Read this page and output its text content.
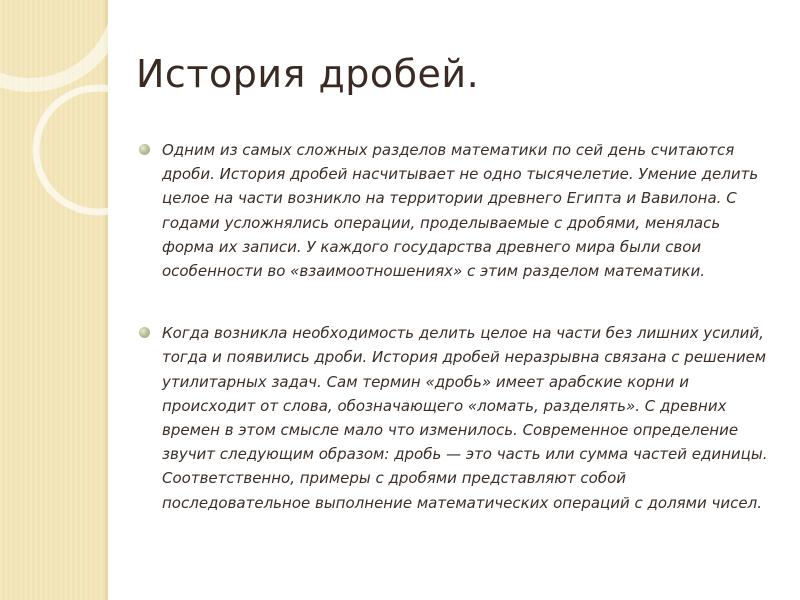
История дробей.
Одним из самых сложных разделов математики по сей день считаются дроби. История дробей насчитывает не одно тысячелетие. Умение делить целое на части возникло на территории древнего Египта и Вавилона. С годами усложнялись операции, проделываемые с дробями, менялась форма их записи. У каждого государства древнего мира были свои особенности во «взаимоотношениях» с этим разделом математики.
Когда возникла необходимость делить целое на части без лишних усилий, тогда и появились дроби. История дробей неразрывна связана с решением утилитарных задач. Сам термин «дробь» имеет арабские корни и происходит от слова, обозначающего «ломать, разделять». С древних времен в этом смысле мало что изменилось. Современное определение звучит следующим образом: дробь — это часть или сумма частей единицы. Соответственно, примеры с дробями представляют собой последовательное выполнение математических операций с долями чисел.
